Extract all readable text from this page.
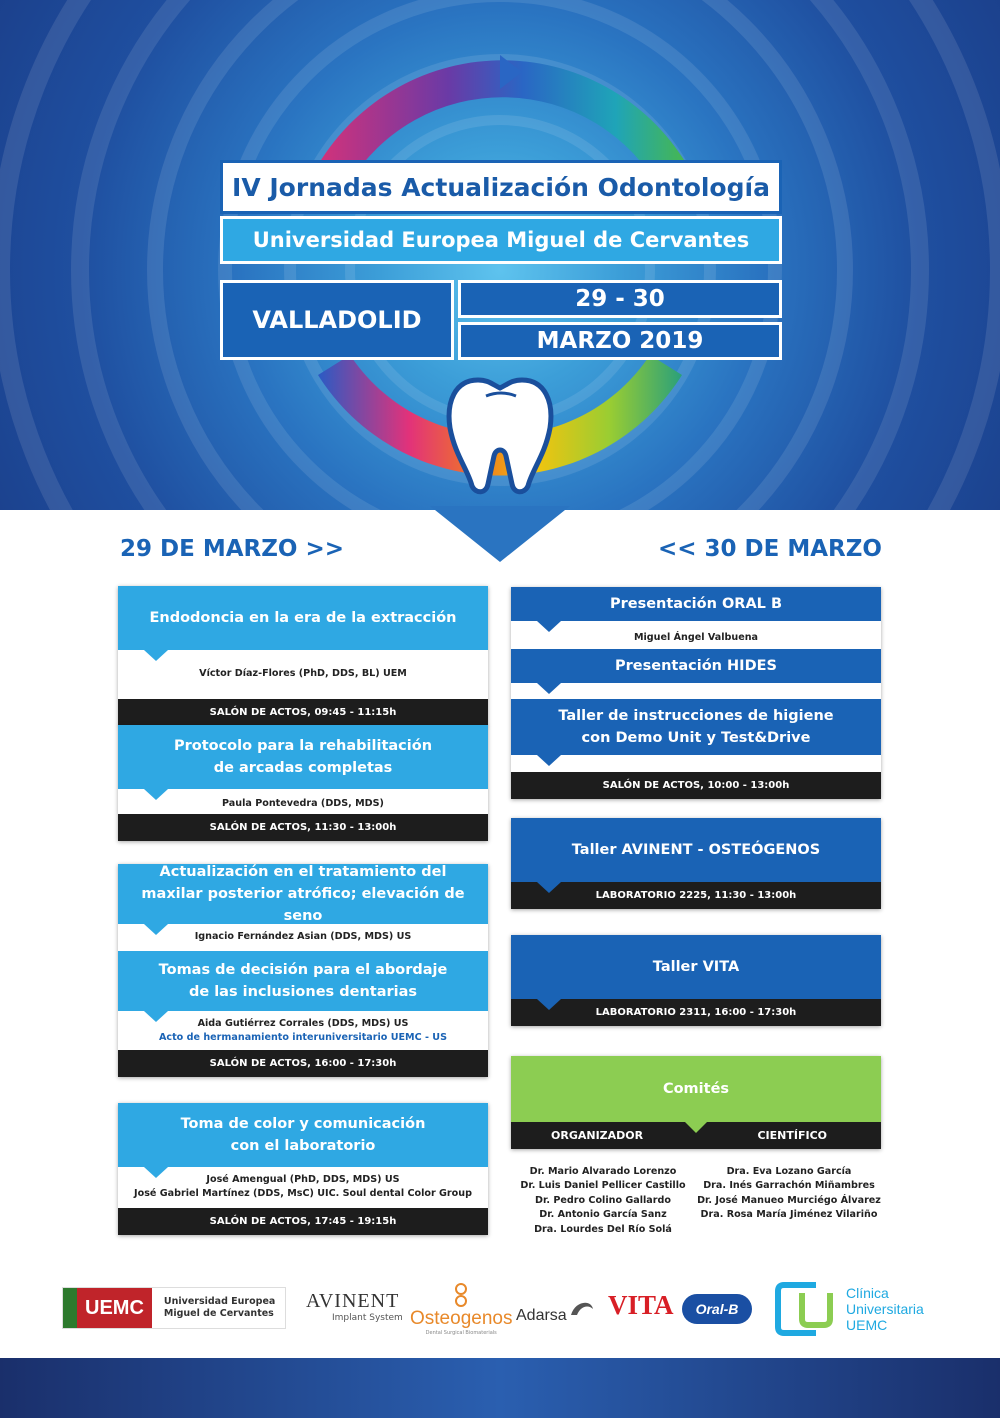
IV Jornadas Actualización Odontología
Universidad Europea Miguel de Cervantes
VALLADOLID
29 - 30
MARZO 2019
29 DE MARZO >>	<< 30 DE MARZO
Endodoncia en la era de la extracción
Víctor Díaz-Flores (PhD, DDS, BL) UEM
SALÓN DE ACTOS, 09:45 - 11:15h
Protocolo para la rehabilitación
de arcadas completas
Paula Pontevedra (DDS, MDS)
SALÓN DE ACTOS, 11:30 - 13:00h
Actualización en el tratamiento del
maxilar posterior atrófico; elevación de seno
Ignacio Fernández Asian (DDS, MDS) US
Tomas de decisión para el abordaje
de las inclusiones dentarias
Aida Gutiérrez Corrales (DDS, MDS) US
Acto de hermanamiento interuniversitario UEMC - US
SALÓN DE ACTOS, 16:00 - 17:30h
Toma de color y comunicación
con el laboratorio
José Amengual (PhD, DDS, MDS) US
José Gabriel Martínez (DDS, MsC) UIC. Soul dental Color Group
SALÓN DE ACTOS, 17:45 - 19:15h
Presentación ORAL B
Miguel Ángel Valbuena
Presentación HIDES
Taller de instrucciones de higiene
con Demo Unit y Test&Drive
SALÓN DE ACTOS, 10:00 - 13:00h
Taller AVINENT - OSTEÓGENOS
LABORATORIO 2225, 11:30 - 13:00h
Taller VITA
LABORATORIO 2311, 16:00 - 17:30h
Comités
ORGANIZADOR	CIENTÍFICO
Dr. Mario Alvarado Lorenzo
Dr. Luis Daniel Pellicer Castillo
Dr. Pedro Colino Gallardo
Dr. Antonio García Sanz
Dra. Lourdes Del Río Solá
Dra. Eva Lozano García
Dra. Inés Garrachón Miñambres
Dr. José Manueo Murciégo Álvarez
Dra. Rosa María Jiménez Vilariño
UEMC	Universidad Europea
Miguel de Cervantes
AVINENT
Implant System Osteogenos
Dental Surgical Biomaterials
Adarsa VITA	Oral-B
Clínica
Universitaria
UEMC
